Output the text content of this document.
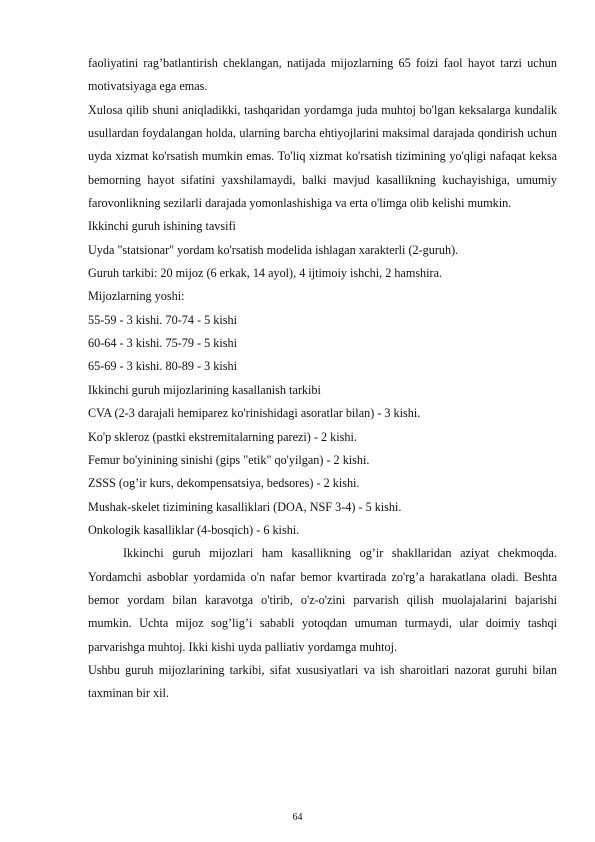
faoliyatini rag’batlantirish cheklangan, natijada mijozlarning 65 foizi faol hayot tarzi uchun motivatsiyaga ega emas.

Xulosa qilib shuni aniqladikki, tashqaridan yordamga juda muhtoj bo'lgan keksalarga kundalik usullardan foydalangan holda, ularning barcha ehtiyojlarini maksimal darajada qondirish uchun uyda xizmat ko'rsatish mumkin emas. To'liq xizmat ko'rsatish tizimining yo'qligi nafaqat keksa bemorning hayot sifatini yaxshilamaydi, balki mavjud kasallikning kuchayishiga, umumiy farovonlikning sezilarli darajada yomonlashishiga va erta o'limga olib kelishi mumkin.

Ikkinchi guruh ishining tavsifi
Uyda "statsionar" yordam ko'rsatish modelida ishlagan xarakterli (2-guruh).
Guruh tarkibi: 20 mijoz (6 erkak, 14 ayol), 4 ijtimoiy ishchi, 2 hamshira.
Mijozlarning yoshi:
55-59 - 3 kishi. 70-74 - 5 kishi
60-64 - 3 kishi. 75-79 - 5 kishi
65-69 - 3 kishi. 80-89 - 3 kishi
Ikkinchi guruh mijozlarining kasallanish tarkibi
CVA (2-3 darajali hemiparez ko'rinishidagi asoratlar bilan) - 3 kishi.
Ko'p skleroz (pastki ekstremitalarning parezi) - 2 kishi.
Femur bo'yinining sinishi (gips "etik" qo'yilgan) - 2 kishi.
ZSSS (og’ir kurs, dekompensatsiya, bedsores) - 2 kishi.
Mushak-skelet tizimining kasalliklari (DOA, NSF 3-4) - 5 kishi.
Onkologik kasalliklar (4-bosqich) - 6 kishi.

Ikkinchi guruh mijozlari ham kasallikning og’ir shakllaridan aziyat chekmoqda. Yordamchi asboblar yordamida o'n nafar bemor kvartirada zo'rg’a harakatlana oladi. Beshta bemor yordam bilan karavotga o'tirib, o'z-o'zini parvarish qilish muolajalarini bajarishi mumkin. Uchta mijoz sog’lig’i sababli yotoqdan umuman turmaydi, ular doimiy tashqi parvarishga muhtoj. Ikki kishi uyda palliativ yordamga muhtoj.

Ushbu guruh mijozlarining tarkibi, sifat xususiyatlari va ish sharoitlari nazorat guruhi bilan taxminan bir xil.

64
